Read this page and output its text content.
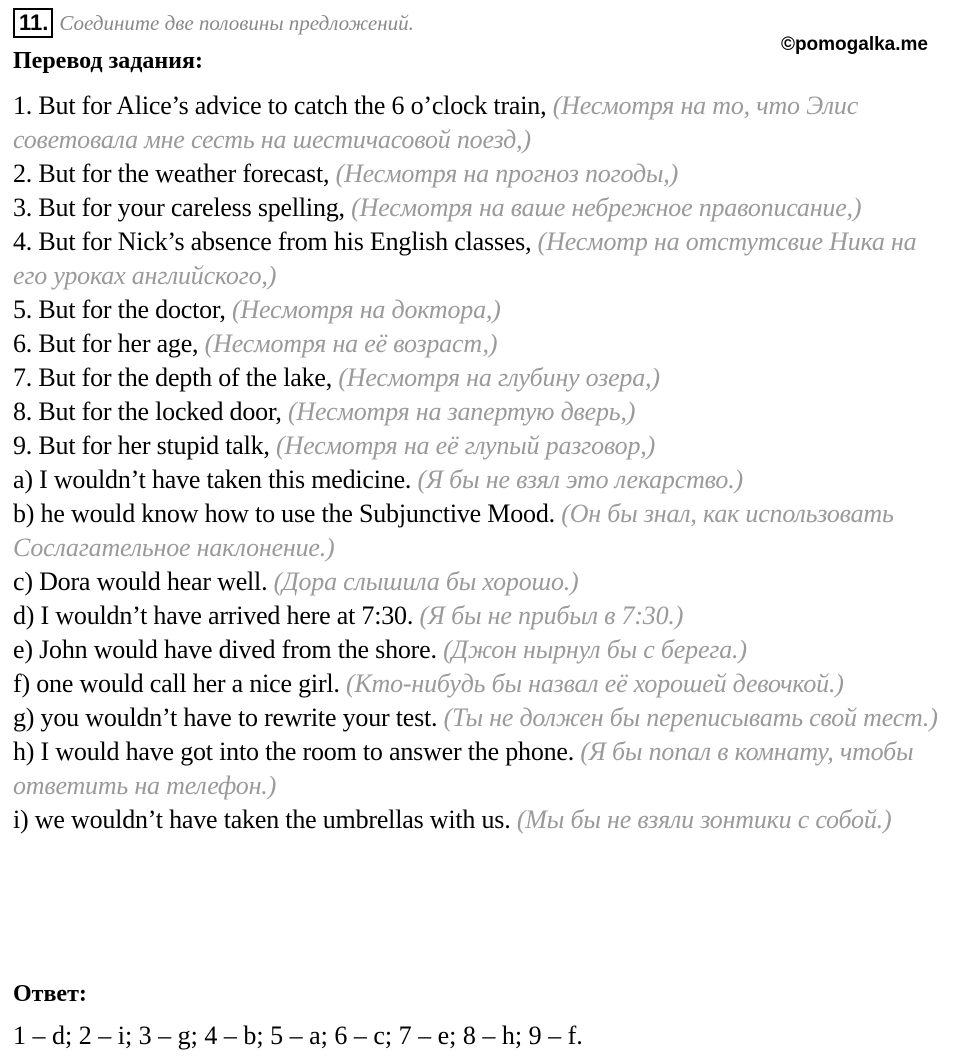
11. Соедините две половины предложений.
©pomogalka.me
Перевод задания:
1. But for Alice’s advice to catch the 6 o’clock train, (Несмотря на то, что Элис советовала мне сесть на шестичасовой поезд,)
2. But for the weather forecast, (Несмотря на прогноз погоды,)
3. But for your careless spelling, (Несмотря на ваше небрежное правописание,)
4. But for Nick’s absence from his English classes, (Несмотр на отстутсвие Ника на его уроках английского,)
5. But for the doctor, (Несмотря на доктора,)
6. But for her age, (Несмотря на её возраст,)
7. But for the depth of the lake, (Несмотря на глубину озера,)
8. But for the locked door, (Несмотря на запертую дверь,)
9. But for her stupid talk, (Несмотря на её глупый разговор,)
a) I wouldn’t have taken this medicine. (Я бы не взял это лекарство.)
b) he would know how to use the Subjunctive Mood. (Он бы знал, как использовать Сослагательное наклонение.)
c) Dora would hear well. (Дора слышила бы хорошо.)
d) I wouldn’t have arrived here at 7:30. (Я бы не прибыл в 7:30.)
e) John would have dived from the shore. (Джон нырнул бы с берега.)
f) one would call her a nice girl. (Кто-нибудь бы назвал её хорошей девочкой.)
g) you wouldn’t have to rewrite your test. (Ты не должен бы переписывать свой тест.)
h) I would have got into the room to answer the phone. (Я бы попал в комнату, чтобы ответить на телефон.)
i) we wouldn’t have taken the umbrellas with us. (Мы бы не взяли зонтики с собой.)
Ответ:
1 – d; 2 – i; 3 – g; 4 – b; 5 – a; 6 – c; 7 – e; 8 – h; 9 – f.
